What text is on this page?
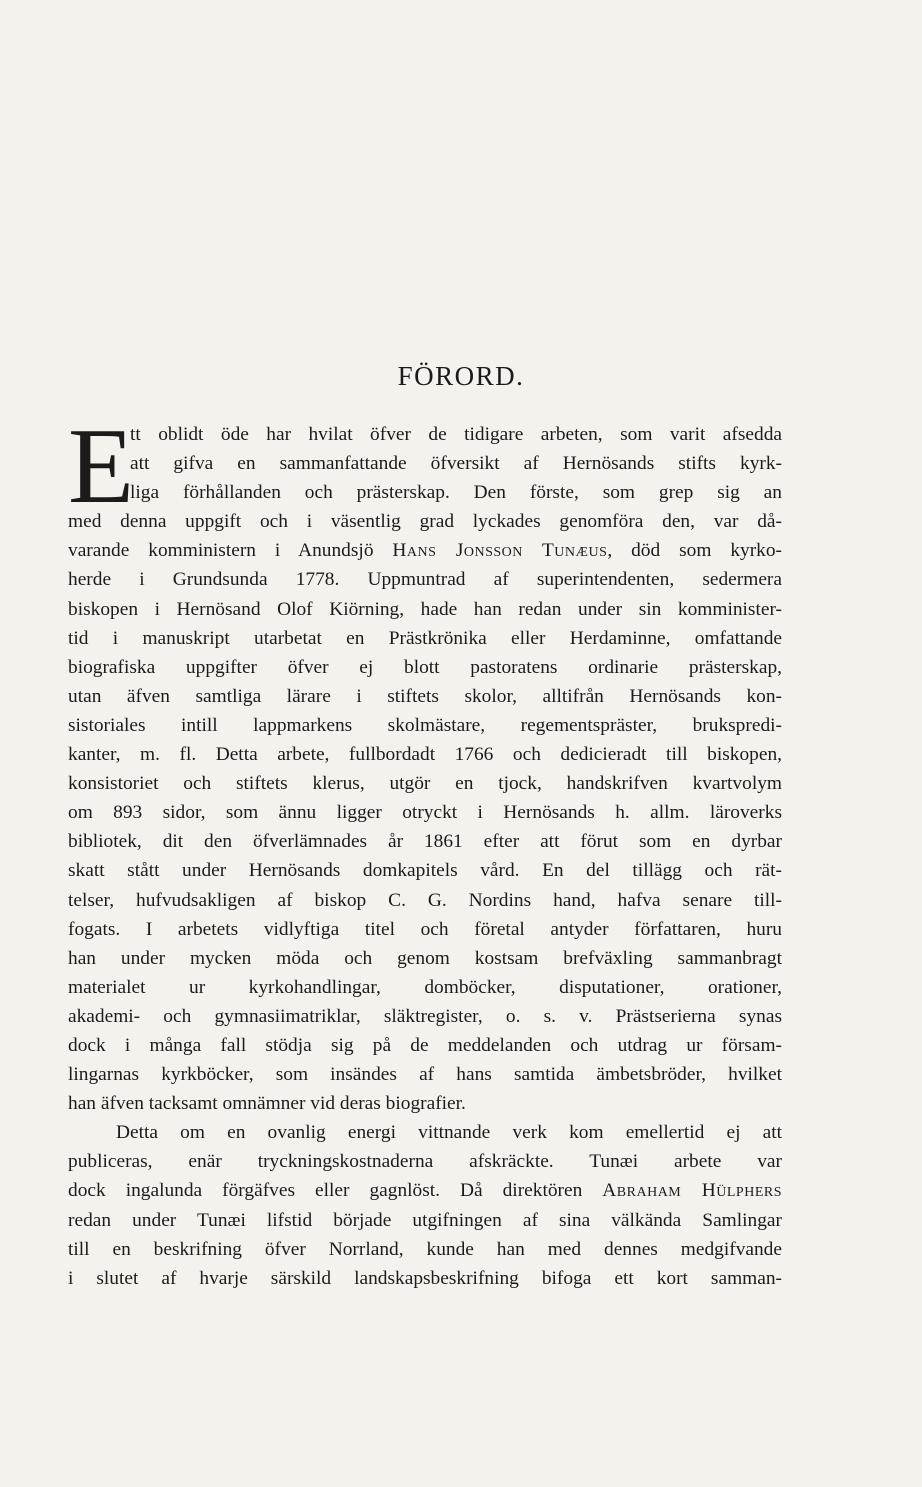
FÖRORD.
E
tt oblidt öde har hvilat öfver de tidigare arbeten, som varit afsedda
att gifva en sammanfattande öfversikt af Hernösands stifts kyrk-
liga förhållanden och prästerskap. Den förste, som grep sig an
med denna uppgift och i väsentlig grad lyckades genomföra den, var då-
varande komministern i Anundsjö Hans Jonsson Tunæus, död som kyrko-
herde i Grundsunda 1778. Uppmuntrad af superintendenten, sedermera
biskopen i Hernösand Olof Kiörning, hade han redan under sin komminister-
tid i manuskript utarbetat en Prästkrönika eller Herdaminne, omfattande
biografiska uppgifter öfver ej blott pastoratens ordinarie prästerskap,
utan äfven samtliga lärare i stiftets skolor, alltifrån Hernösands kon-
sistoriales intill lappmarkens skolmästare, regementspräster, brukspredi-
kanter, m. fl. Detta arbete, fullbordadt 1766 och dedicieradt till biskopen,
konsistoriet och stiftets klerus, utgör en tjock, handskrifven kvartvolym
om 893 sidor, som ännu ligger otryckt i Hernösands h. allm. läroverks
bibliotek, dit den öfverlämnades år 1861 efter att förut som en dyrbar
skatt stått under Hernösands domkapitels vård. En del tillägg och rät-
telser, hufvudsakligen af biskop C. G. Nordins hand, hafva senare till-
fogats. I arbetets vidlyftiga titel och företal antyder författaren, huru
han under mycken möda och genom kostsam brefväxling sammanbragt
materialet ur kyrkohandlingar, domböcker, disputationer, orationer,
akademi- och gymnasiimatriklar, släktregister, o. s. v. Prästserierna synas
dock i många fall stödja sig på de meddelanden och utdrag ur försam-
lingarnas kyrkböcker, som insändes af hans samtida ämbetsbröder, hvilket
han äfven tacksamt omnämner vid deras biografier.
Detta om en ovanlig energi vittnande verk kom emellertid ej att
publiceras, enär tryckningskostnaderna afskräckte. Tunæi arbete var
dock ingalunda förgäfves eller gagnlöst. Då direktören Abraham Hülphers
redan under Tunæi lifstid började utgifningen af sina välkända Samlingar
till en beskrifning öfver Norrland, kunde han med dennes medgifvande
i slutet af hvarje särskild landskapsbeskrifning bifoga ett kort samman-
